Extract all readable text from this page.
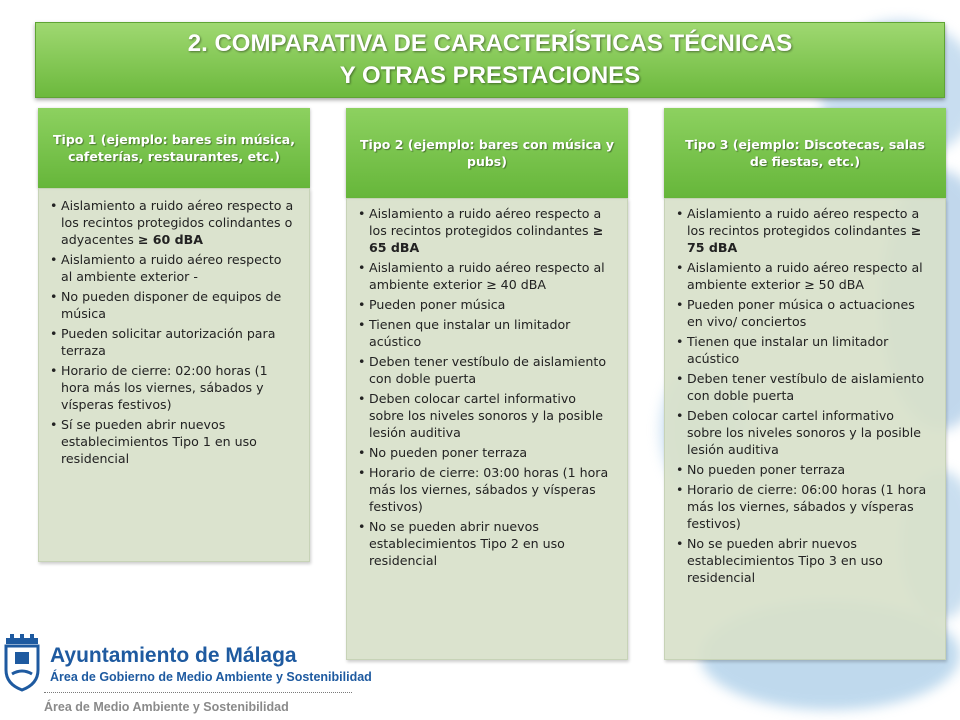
2. COMPARATIVA DE CARACTERÍSTICAS TÉCNICAS
Y OTRAS PRESTACIONES
Tipo 1 (ejemplo: bares sin música, cafeterías, restaurantes, etc.)
• Aislamiento a ruido aéreo respecto a los recintos protegidos colindantes o adyacentes ≥ 60 dBA
• Aislamiento a ruido aéreo respecto al ambiente exterior -
• No pueden disponer de equipos de música
• Pueden solicitar autorización para terraza
• Horario de cierre: 02:00 horas (1 hora más los viernes, sábados y vísperas festivos)
• Sí se pueden abrir nuevos establecimientos Tipo 1 en uso residencial
Tipo 2 (ejemplo: bares con música y pubs)
• Aislamiento a ruido aéreo respecto a los recintos protegidos colindantes ≥ 65 dBA
• Aislamiento a ruido aéreo respecto al ambiente exterior ≥ 40 dBA
• Pueden poner música
• Tienen que instalar un limitador acústico
• Deben tener vestíbulo de aislamiento con doble puerta
• Deben colocar cartel informativo sobre los niveles sonoros y la posible lesión auditiva
• No pueden poner terraza
• Horario de cierre: 03:00 horas (1 hora más los viernes, sábados y vísperas festivos)
• No se pueden abrir nuevos establecimientos Tipo 2 en uso residencial
Tipo 3 (ejemplo: Discotecas, salas de fiestas, etc.)
• Aislamiento a ruido aéreo respecto a los recintos protegidos colindantes ≥ 75 dBA
• Aislamiento a ruido aéreo respecto al ambiente exterior ≥ 50 dBA
• Pueden poner música o actuaciones en vivo/ conciertos
• Tienen que instalar un limitador acústico
• Deben tener vestíbulo de aislamiento con doble puerta
• Deben colocar cartel informativo sobre los niveles sonoros y la posible lesión auditiva
• No pueden poner terraza
• Horario de cierre: 06:00 horas (1 hora más los viernes, sábados y vísperas festivos)
• No se pueden abrir nuevos establecimientos Tipo 3 en uso residencial
Ayuntamiento de Málaga
Área de Gobierno de Medio Ambiente y Sostenibilidad
Área de Medio Ambiente y Sostenibilidad
